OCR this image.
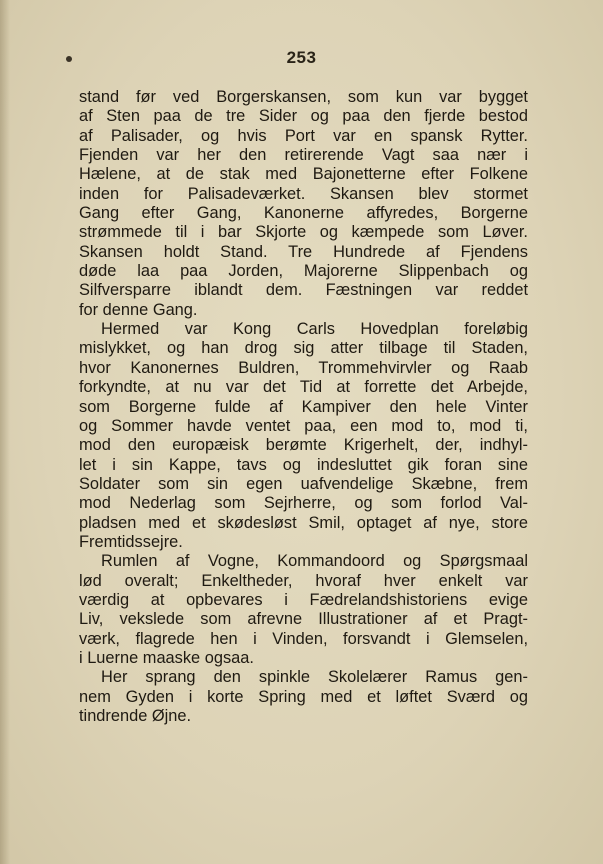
253
stand før ved Borgerskansen, som kun var bygget
af Sten paa de tre Sider og paa den fjerde bestod
af Palisader, og hvis Port var en spansk Rytter.
Fjenden var her den retirerende Vagt saa nær i
Hælene, at de stak med Bajonetterne efter Folkene
inden for Palisadeværket. Skansen blev stormet
Gang efter Gang, Kanonerne affyredes, Borgerne
strømmede til i bar Skjorte og kæmpede som Løver.
Skansen holdt Stand. Tre Hundrede af Fjendens
døde laa paa Jorden, Majorerne Slippenbach og
Silfversparre iblandt dem. Fæstningen var reddet
for denne Gang.
Hermed var Kong Carls Hovedplan foreløbig
mislykket, og han drog sig atter tilbage til Staden,
hvor Kanonernes Buldren, Trommehvirvler og Raab
forkyndte, at nu var det Tid at forrette det Arbejde,
som Borgerne fulde af Kampiver den hele Vinter
og Sommer havde ventet paa, een mod to, mod ti,
mod den europæisk berømte Krigerhelt, der, indhyl-
let i sin Kappe, tavs og indesluttet gik foran sine
Soldater som sin egen uafvendelige Skæbne, frem
mod Nederlag som Sejrherre, og som forlod Val-
pladsen med et skødesløst Smil, optaget af nye, store
Fremtidssejre.
Rumlen af Vogne, Kommandoord og Spørgsmaal
lød overalt; Enkeltheder, hvoraf hver enkelt var
værdig at opbevares i Fædrelandshistoriens evige
Liv, vekslede som afrevne Illustrationer af et Pragt-
værk, flagrede hen i Vinden, forsvandt i Glemselen,
i Luerne maaske ogsaa.
Her sprang den spinkle Skolelærer Ramus gen-
nem Gyden i korte Spring med et løftet Sværd og
tindrende Øjne.
